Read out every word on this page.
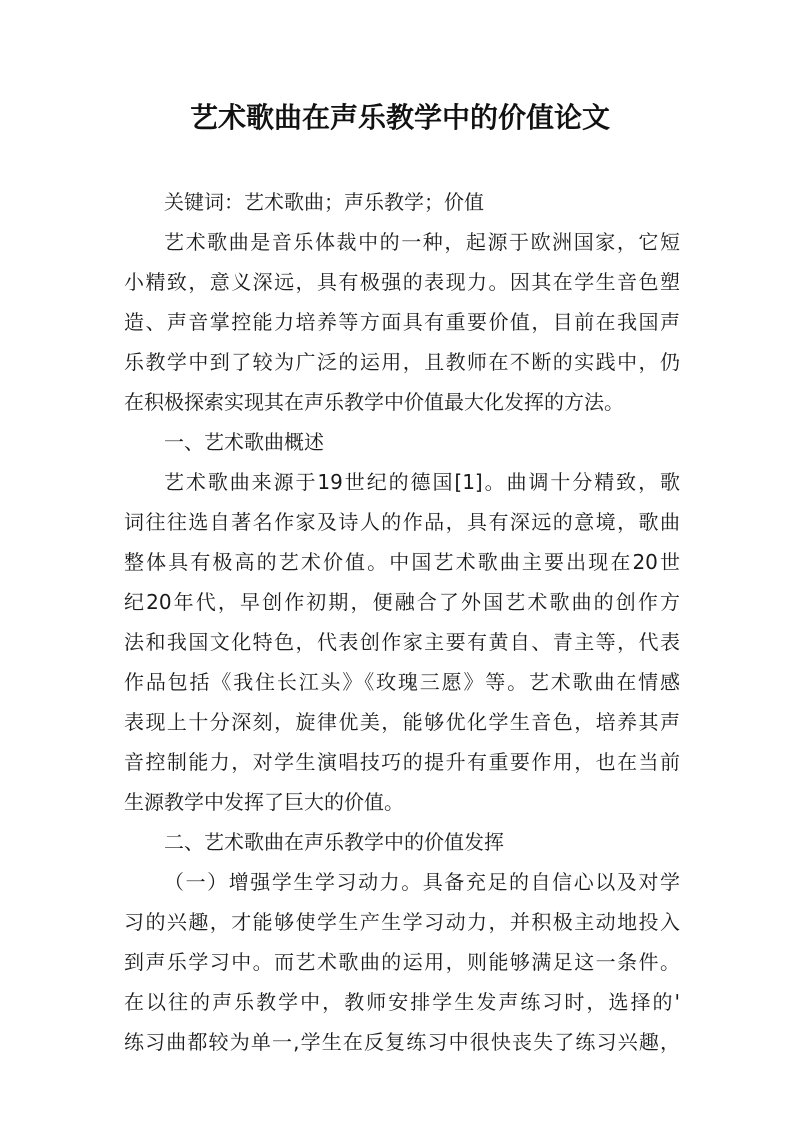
艺术歌曲在声乐教学中的价值论文
关键词：艺术歌曲；声乐教学；价值
艺术歌曲是音乐体裁中的一种，起源于欧洲国家，它短
小精致，意义深远，具有极强的表现力。因其在学生音色塑
造、声音掌控能力培养等方面具有重要价值，目前在我国声
乐教学中到了较为广泛的运用，且教师在不断的实践中，仍
在积极探索实现其在声乐教学中价值最大化发挥的方法。
一、艺术歌曲概述
艺术歌曲来源于19世纪的德国[1]。曲调十分精致，歌
词往往选自著名作家及诗人的作品，具有深远的意境，歌曲
整体具有极高的艺术价值。中国艺术歌曲主要出现在20世
纪20年代，早创作初期，便融合了外国艺术歌曲的创作方
法和我国文化特色，代表创作家主要有黄自、青主等，代表
作品包括《我住长江头》《玫瑰三愿》等。艺术歌曲在情感
表现上十分深刻，旋律优美，能够优化学生音色，培养其声
音控制能力，对学生演唱技巧的提升有重要作用，也在当前
生源教学中发挥了巨大的价值。
二、艺术歌曲在声乐教学中的价值发挥
（一）增强学生学习动力。具备充足的自信心以及对学
习的兴趣，才能够使学生产生学习动力，并积极主动地投入
到声乐学习中。而艺术歌曲的运用，则能够满足这一条件。
在以往的声乐教学中，教师安排学生发声练习时，选择的'
练习曲都较为单一,学生在反复练习中很快丧失了练习兴趣，
